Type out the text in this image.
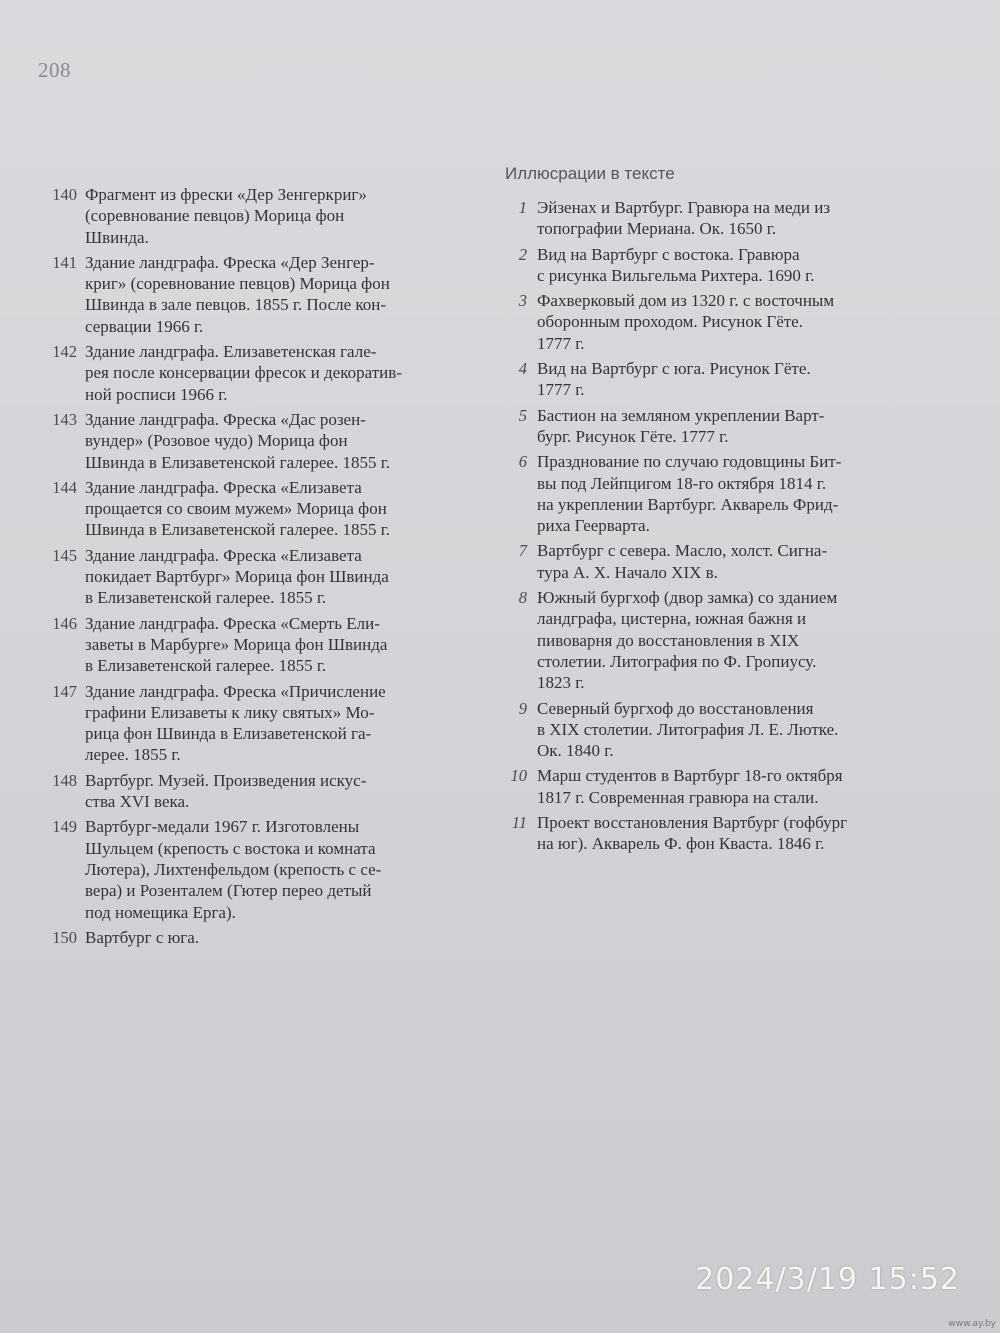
208
140 Фрагмент из фрески «Дер Зенгеркриг»
(соревнование певцов) Морица фон
Швинда.
141 Здание ландграфа. Фреска «Дер Зенгер-
криг» (соревнование певцов) Морица фон
Швинда в зале певцов. 1855 г. После кон-
сервации 1966 г.
142 Здание ландграфа. Елизаветенская гале-
рея после консервации фресок и декоратив-
ной росписи 1966 г.
143 Здание ландграфа. Фреска «Дас розен-
вундер» (Розовое чудо) Морица фон
Швинда в Елизаветенской галерее. 1855 г.
144 Здание ландграфа. Фреска «Елизавета
прощается со своим мужем» Морица фон
Швинда в Елизаветенской галерее. 1855 г.
145 Здание ландграфа. Фреска «Елизавета
покидает Вартбург» Морица фон Швинда
в Елизаветенской галерее. 1855 г.
146 Здание ландграфа. Фреска «Смерть Ели-
заветы в Марбурге» Морица фон Швинда
в Елизаветенской галерее. 1855 г.
147 Здание ландграфа. Фреска «Причисление
графини Елизаветы к лику святых» Мо-
рица фон Швинда в Елизаветенской га-
лерее. 1855 г.
148 Вартбург. Музей. Произведения искус-
ства XVI века.
149 Вартбург-медали 1967 г. Изготовлены
Шульцем (крепость с востока и комната
Лютера), Лихтенфельдом (крепость с се-
вера) и Розенталем (Гютер перео детый
под номещика Ерга).
150 Вартбург с юга.
Иллюсрации в тексте
1 Эйзенах и Вартбург. Гравюра на меди из
топографии Мериана. Ок. 1650 г.
2 Вид на Вартбург с востока. Гравюра
с рисунка Вильгельма Рихтера. 1690 г.
3 Фахверковый дом из 1320 г. с восточным
оборонным проходом. Рисунок Гёте.
1777 г.
4 Вид на Вартбург с юга. Рисунок Гёте.
1777 г.
5 Бастион на земляном укреплении Варт-
бург. Рисунок Гёте. 1777 г.
6 Празднование по случаю годовщины Бит-
вы под Лейпцигом 18-го октября 1814 г.
на укреплении Вартбург. Акварель Фрид-
риха Геерварта.
7 Вартбург с севера. Масло, холст. Сигна-
тура А. Х. Начало XIX в.
8 Южный бургхоф (двор замка) со зданием
ландграфа, цистерна, южная бажня и
пивоварня до восстановления в XIX
столетии. Литография по Ф. Гропиусу.
1823 г.
9 Северный бургхоф до восстановления
в XIX столетии. Литография Л. Е. Лютке.
Ок. 1840 г.
10 Марш студентов в Вартбург 18-го октября
1817 г. Современная гравюра на стали.
11 Проект восстановления Вартбург (гофбург
на юг). Акварель Ф. фон Кваста. 1846 г.
2024/3/19 15:52
www.ay.by
